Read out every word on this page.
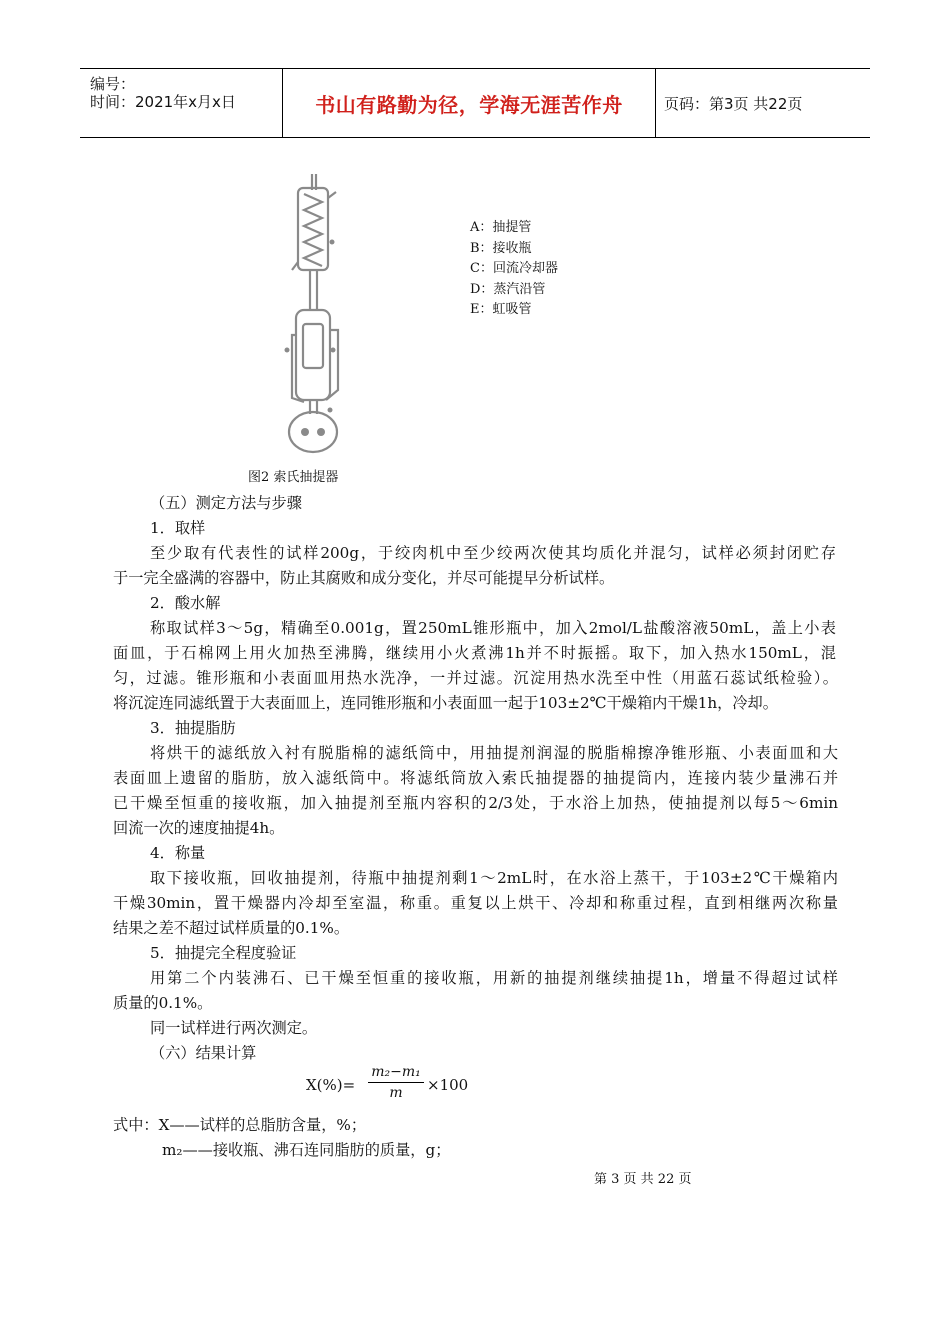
编号：
时间：2021年x月x日	书山有路勤为径，学海无涯苦作舟	页码：第3页 共22页
A：抽提管
B：接收瓶
C：回流冷却器
D：蒸汽沿管
E：虹吸管
图2 索氏抽提器
（五）测定方法与步骤
1．取样
至少取有代表性的试样200g，于绞肉机中至少绞两次使其均质化并混匀，试样必须封闭贮存
于一完全盛满的容器中，防止其腐败和成分变化，并尽可能提早分析试样。
2．酸水解
称取试样3～5g，精确至0.001g，置250mL锥形瓶中，加入2mol/L盐酸溶液50mL，盖上小表
面皿，于石棉网上用火加热至沸腾，继续用小火煮沸1h并不时振摇。取下，加入热水150mL，混
匀，过滤。锥形瓶和小表面皿用热水洗净，一并过滤。沉淀用热水洗至中性（用蓝石蕊试纸检验）。
将沉淀连同滤纸置于大表面皿上，连同锥形瓶和小表面皿一起于103±2℃干燥箱内干燥1h，冷却。
3．抽提脂肪
将烘干的滤纸放入衬有脱脂棉的滤纸筒中，用抽提剂润湿的脱脂棉擦净锥形瓶、小表面皿和大
表面皿上遗留的脂肪，放入滤纸筒中。将滤纸筒放入索氏抽提器的抽提筒内，连接内装少量沸石并
已干燥至恒重的接收瓶，加入抽提剂至瓶内容积的2/3处，于水浴上加热，使抽提剂以每5～6min
回流一次的速度抽提4h。
4．称量
取下接收瓶，回收抽提剂，待瓶中抽提剂剩1～2mL时，在水浴上蒸干，于103±2℃干燥箱内
干燥30min，置干燥器内冷却至室温，称重。重复以上烘干、冷却和称重过程，直到相继两次称量
结果之差不超过试样质量的0.1%。
5．抽提完全程度验证
用第二个内装沸石、已干燥至恒重的接收瓶，用新的抽提剂继续抽提1h，增量不得超过试样
质量的0.1%。
同一试样进行两次测定。
（六）结果计算
X(%)=
m₂−m₁
m	×100
式中：X——试样的总脂肪含量，%；
m₂——接收瓶、沸石连同脂肪的质量，g；
第 3 页 共 22 页
